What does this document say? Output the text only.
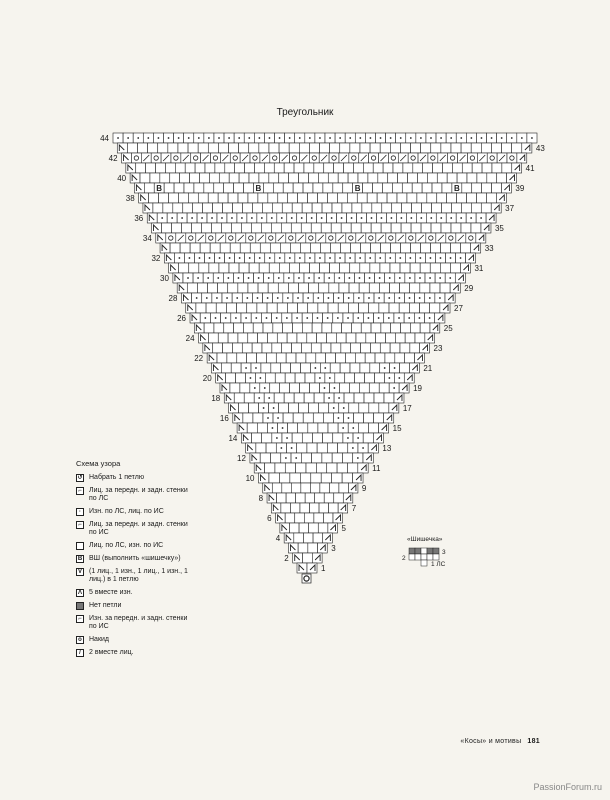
Треугольник
B	B	B	B
44
42
40
38
36
34
32
30
28
26
24
22
20
18
16
14
12
10
8
6
4
2
43
41
39
37
35
33
31
29
27
25
23
21
19
17
15
13
11
9
7
5
3
1
Схема узора
↺ Набрать 1 петлю
⌐	Лиц. за передн. и задн. стенки по ЛС
·	Изн. по ЛС, лиц. по ИС
⌐	Лиц. за передн. и задн. стенки по ИС
Лиц. по ЛС, изн. по ИС
B ВШ (выполнить «шишечку»)
V (1 лиц., 1 изн., 1 лиц., 1 изн., 1 лиц.) в 1 петлю
Λ 5 вместе изн.
Нет петли
⌐	Изн. за передн. и задн. стенки по ИС
o	Накид
/	2 вместе лиц.
«Шишечка»
3
2
1 ЛС
«Косы» и мотивы 181
PassionForum.ru
